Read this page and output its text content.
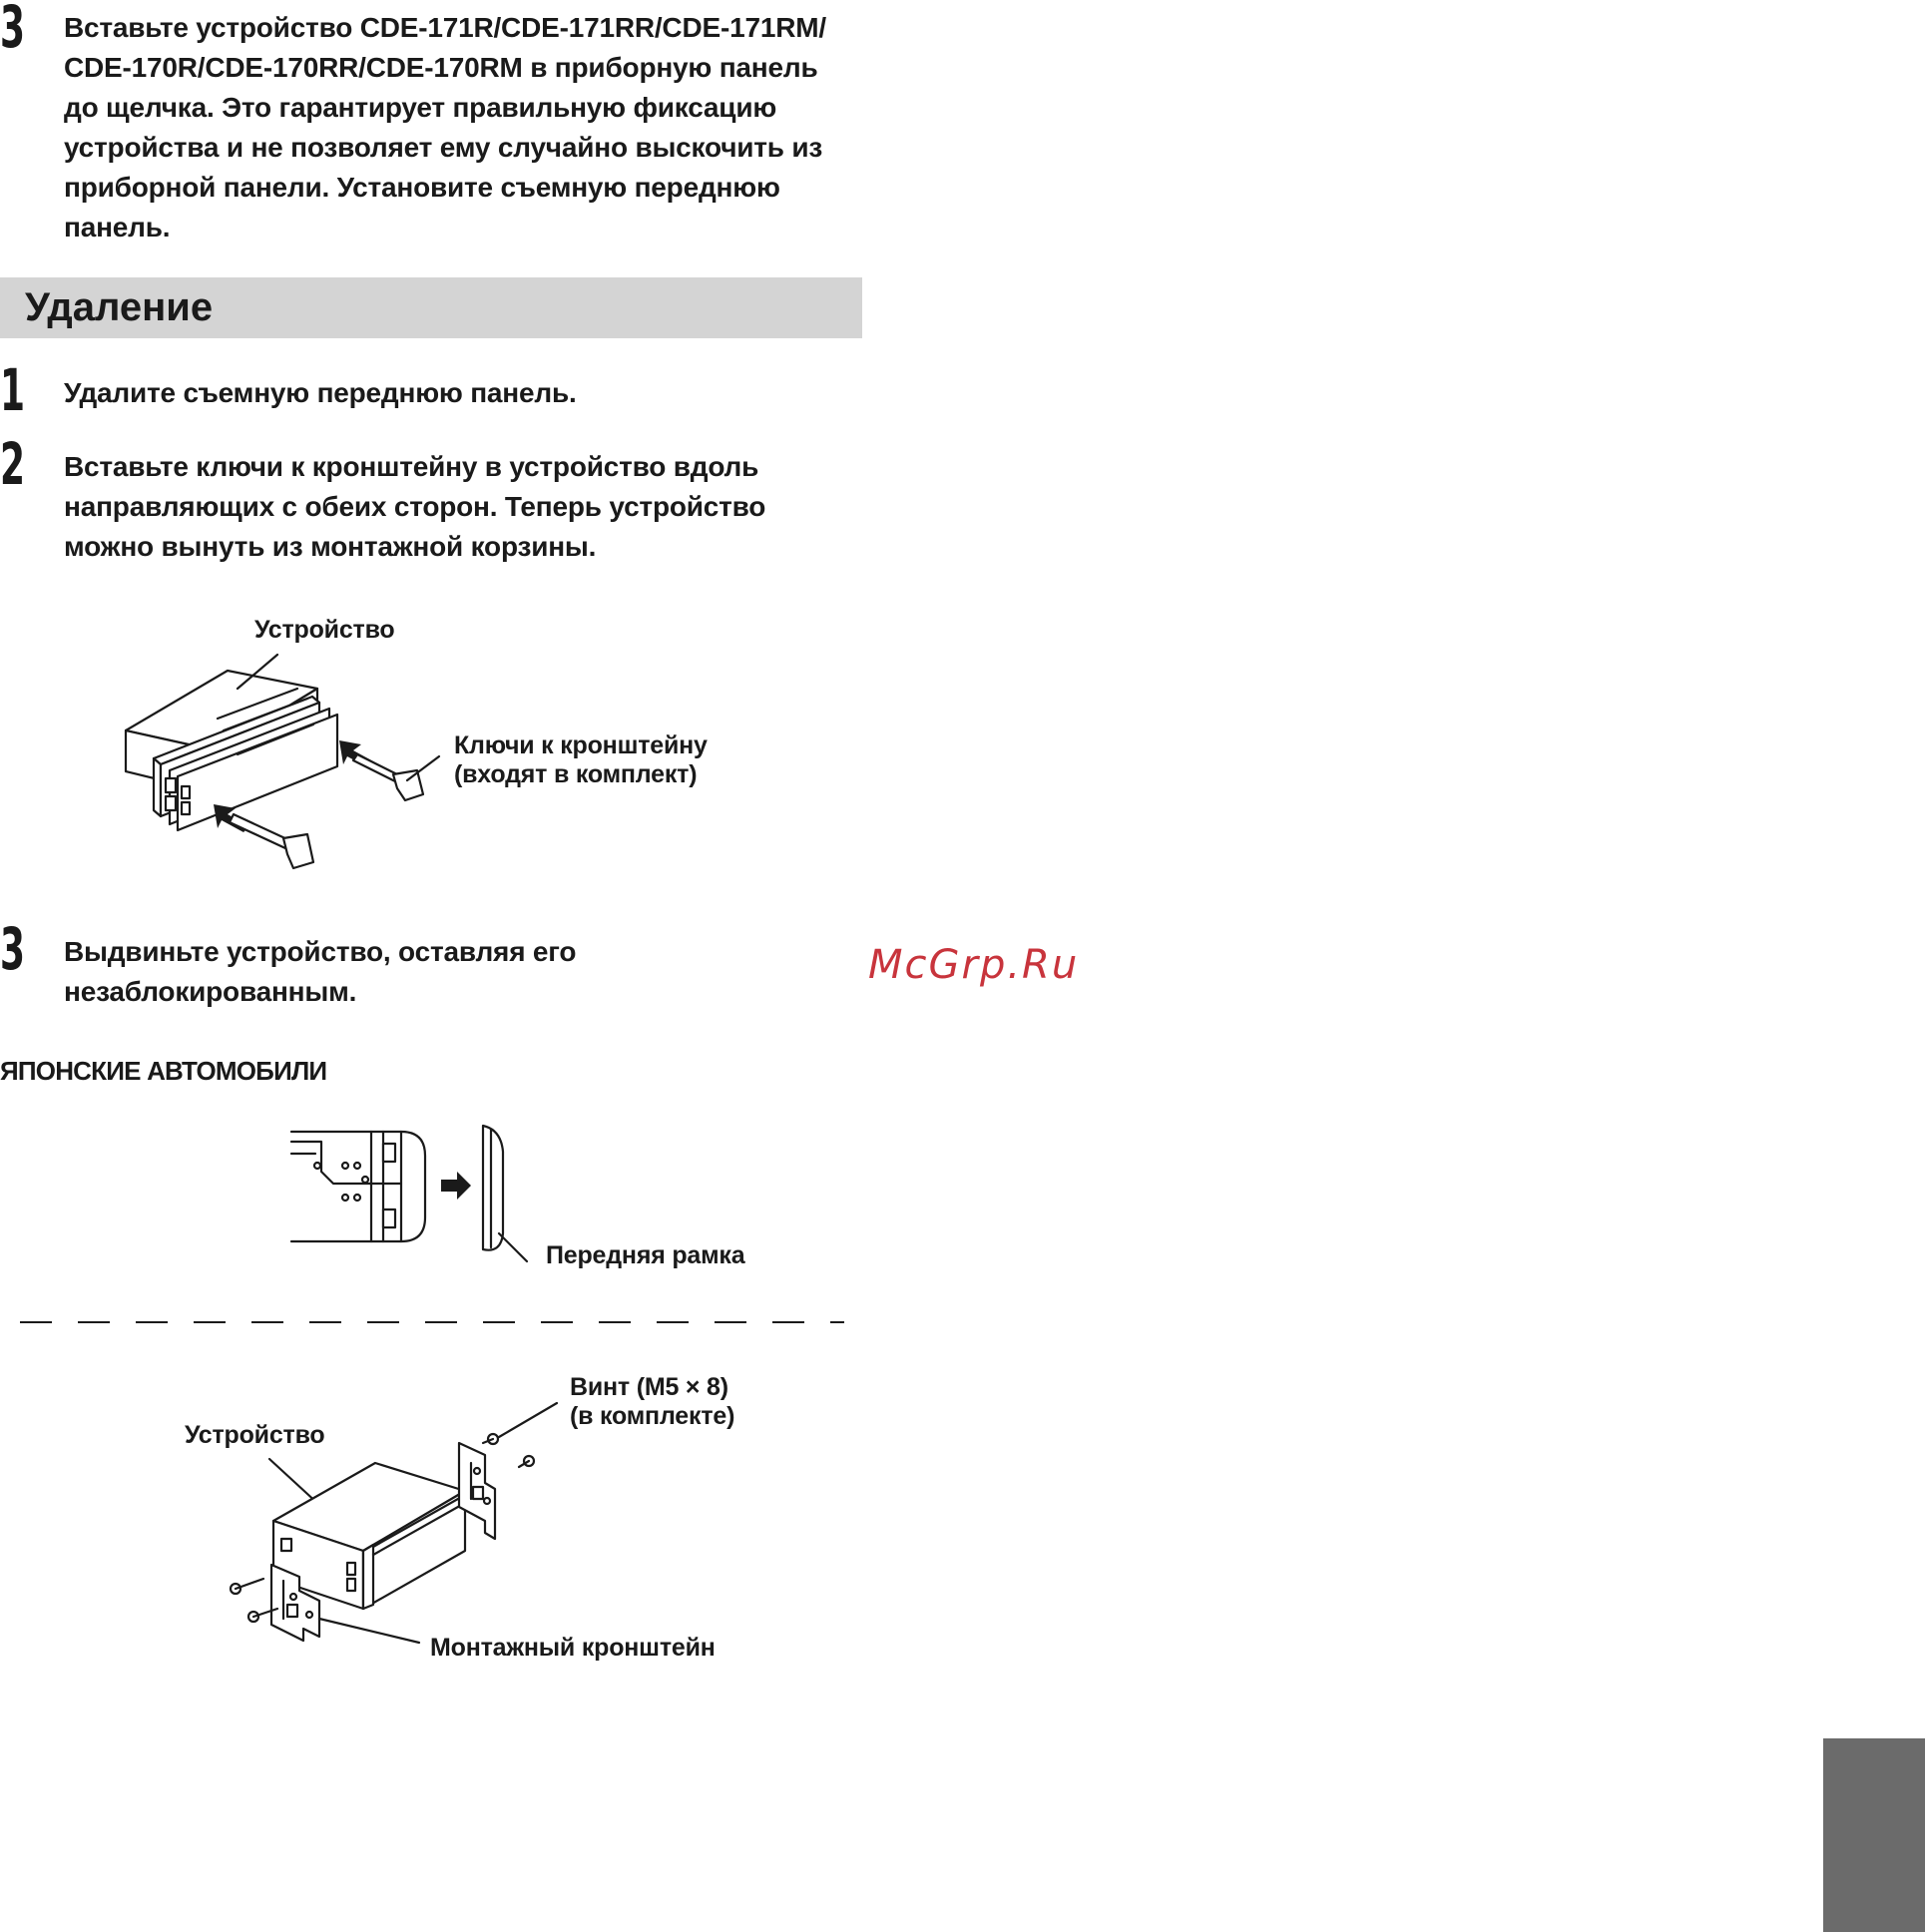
3 Вставьте устройство CDE-171R/CDE-171RR/CDE-171RM/
CDE-170R/CDE-170RR/CDE-170RM в приборную панель
до щелчка. Это гарантирует правильную фиксацию
устройства и не позволяет ему случайно выскочить из
приборной панели. Установите съемную переднюю
панель.
Удаление
1 Удалите съемную переднюю панель.
2 Вставьте ключи к кронштейну в устройство вдоль
направляющих с обеих сторон. Теперь устройство
можно вынуть из монтажной корзины.
Устройство
Ключи к кронштейну
(входят в комплект)
3 Выдвиньте устройство, оставляя его
незаблокированным.
ЯПОНСКИЕ АВТОМОБИЛИ
Передняя рамка
Винт (M5 × 8)
(в комплекте)
Устройство
Монтажный кронштейн
McGrp.Ru
